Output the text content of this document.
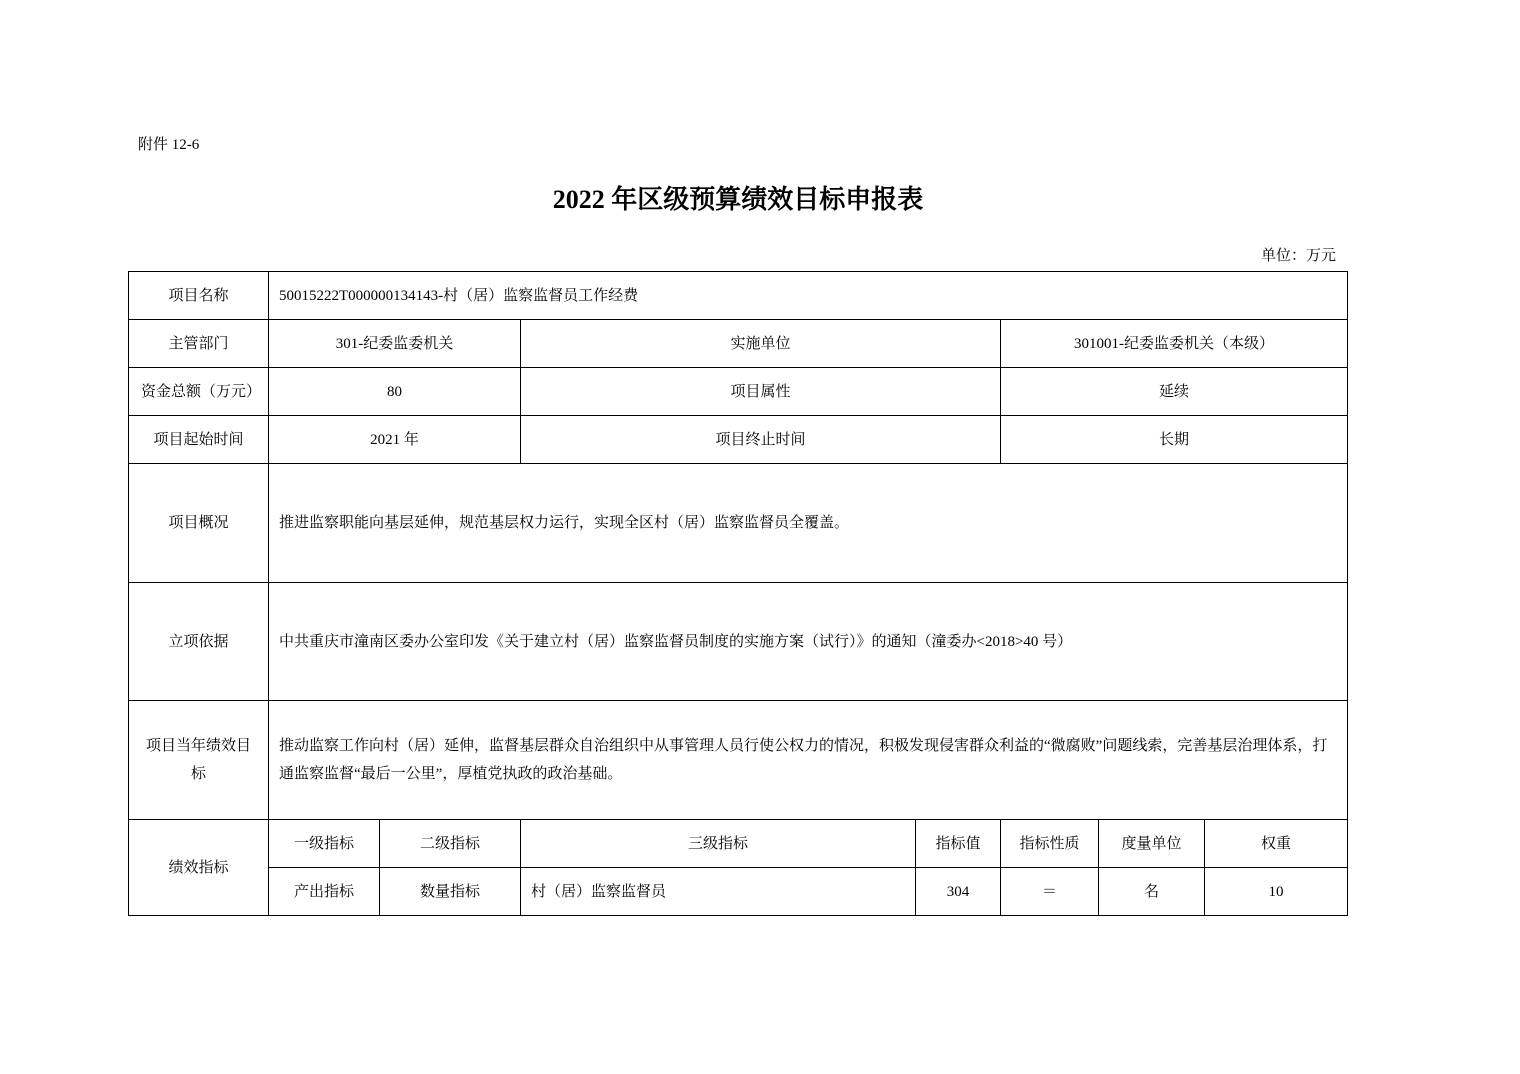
附件 12-6
2022 年区级预算绩效目标申报表
单位：万元
项目名称	50015222T000000134143-村（居）监察监督员工作经费						
主管部门	301-纪委监委机关		实施单位		301001-纪委监委机关（本级）		
资金总额（万元）	80		项目属性		延续		
项目起始时间	2021 年		项目终止时间		长期		
项目概况	推进监察职能向基层延伸，规范基层权力运行，实现全区村（居）监察监督员全覆盖。						
立项依据	中共重庆市潼南区委办公室印发《关于建立村（居）监察监督员制度的实施方案（试行）》的通知（潼委办<2018>40 号）						
项目当年绩效目标	推动监察工作向村（居）延伸，监督基层群众自治组织中从事管理人员行使公权力的情况，积极发现侵害群众利益的“微腐败”问题线索，完善基层治理体系，打通监察监督“最后一公里”，厚植党执政的政治基础。						
绩效指标	一级指标	二级指标	三级指标	指标值	指标性质	度量单位	权重
	产出指标	数量指标	村（居）监察监督员	304	＝	名	10
